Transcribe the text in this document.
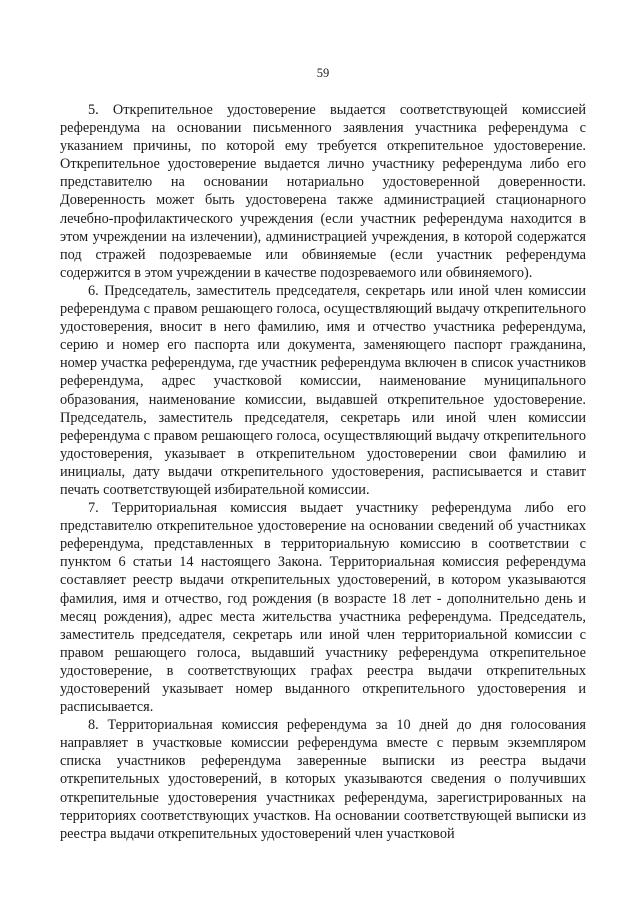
59

5. Открепительное удостоверение выдается соответствующей комиссией референдума на основании письменного заявления участника референдума с указанием причины, по которой ему требуется открепительное удостоверение. Открепительное удостоверение выдается лично участнику референдума либо его представителю на основании нотариально удостоверенной доверенности. Доверенность может быть удостоверена также администрацией стационарного лечебно-профилактического учреждения (если участник референдума находится в этом учреждении на излечении), администрацией учреждения, в которой содержатся под стражей подозреваемые или обвиняемые (если участник референдума содержится в этом учреждении в качестве подозреваемого или обвиняемого).

6. Председатель, заместитель председателя, секретарь или иной член комиссии референдума с правом решающего голоса, осуществляющий выдачу открепительного удостоверения, вносит в него фамилию, имя и отчество участника референдума, серию и номер его паспорта или документа, заменяющего паспорт гражданина, номер участка референдума, где участник референдума включен в список участников референдума, адрес участковой комиссии, наименование муниципального образования, наименование комиссии, выдавшей открепительное удостоверение. Председатель, заместитель председателя, секретарь или иной член комиссии референдума с правом решающего голоса, осуществляющий выдачу открепительного удостоверения, указывает в открепительном удостоверении свои фамилию и инициалы, дату выдачи открепительного удостоверения, расписывается и ставит печать соответствующей избирательной комиссии.

7. Территориальная комиссия выдает участнику референдума либо его представителю открепительное удостоверение на основании сведений об участниках референдума, представленных в территориальную комиссию в соответствии с пунктом 6 статьи 14 настоящего Закона. Территориальная комиссия референдума составляет реестр выдачи открепительных удостоверений, в котором указываются фамилия, имя и отчество, год рождения (в возрасте 18 лет - дополнительно день и месяц рождения), адрес места жительства участника референдума. Председатель, заместитель председателя, секретарь или иной член территориальной комиссии с правом решающего голоса, выдавший участнику референдума открепительное удостоверение, в соответствующих графах реестра выдачи открепительных удостоверений указывает номер выданного открепительного удостоверения и расписывается.

8. Территориальная комиссия референдума за 10 дней до дня голосования направляет в участковые комиссии референдума вместе с первым экземпляром списка участников референдума заверенные выписки из реестра выдачи открепительных удостоверений, в которых указываются сведения о получивших открепительные удостоверения участниках референдума, зарегистрированных на территориях соответствующих участков. На основании соответствующей выписки из реестра выдачи открепительных удостоверений член участковой
